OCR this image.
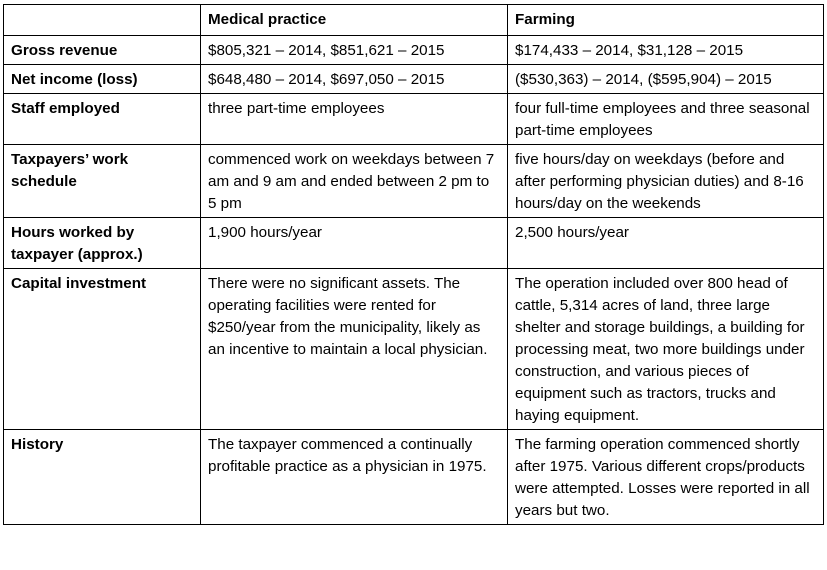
	Medical practice	Farming
Gross revenue	$805,321 – 2014, $851,621 – 2015	$174,433 – 2014, $31,128 – 2015
Net income (loss)	$648,480 – 2014, $697,050 – 2015	($530,363) – 2014, ($595,904) – 2015
Staff employed	three part-time employees	four full-time employees and three seasonal part-time employees
Taxpayers’ work schedule	commenced work on weekdays between 7 am and 9 am and ended between 2 pm to 5 pm	five hours/day on weekdays (before and after performing physician duties) and 8-16 hours/day on the weekends
Hours worked by taxpayer (approx.)	1,900 hours/year	2,500 hours/year
Capital investment	There were no significant assets. The operating facilities were rented for $250/year from the municipality, likely as an incentive to maintain a local physician.	The operation included over 800 head of cattle, 5,314 acres of land, three large shelter and storage buildings, a building for processing meat, two more buildings under construction, and various pieces of equipment such as tractors, trucks and haying equipment.
History	The taxpayer commenced a continually profitable practice as a physician in 1975.	The farming operation commenced shortly after 1975. Various different crops/products were attempted. Losses were reported in all years but two.
